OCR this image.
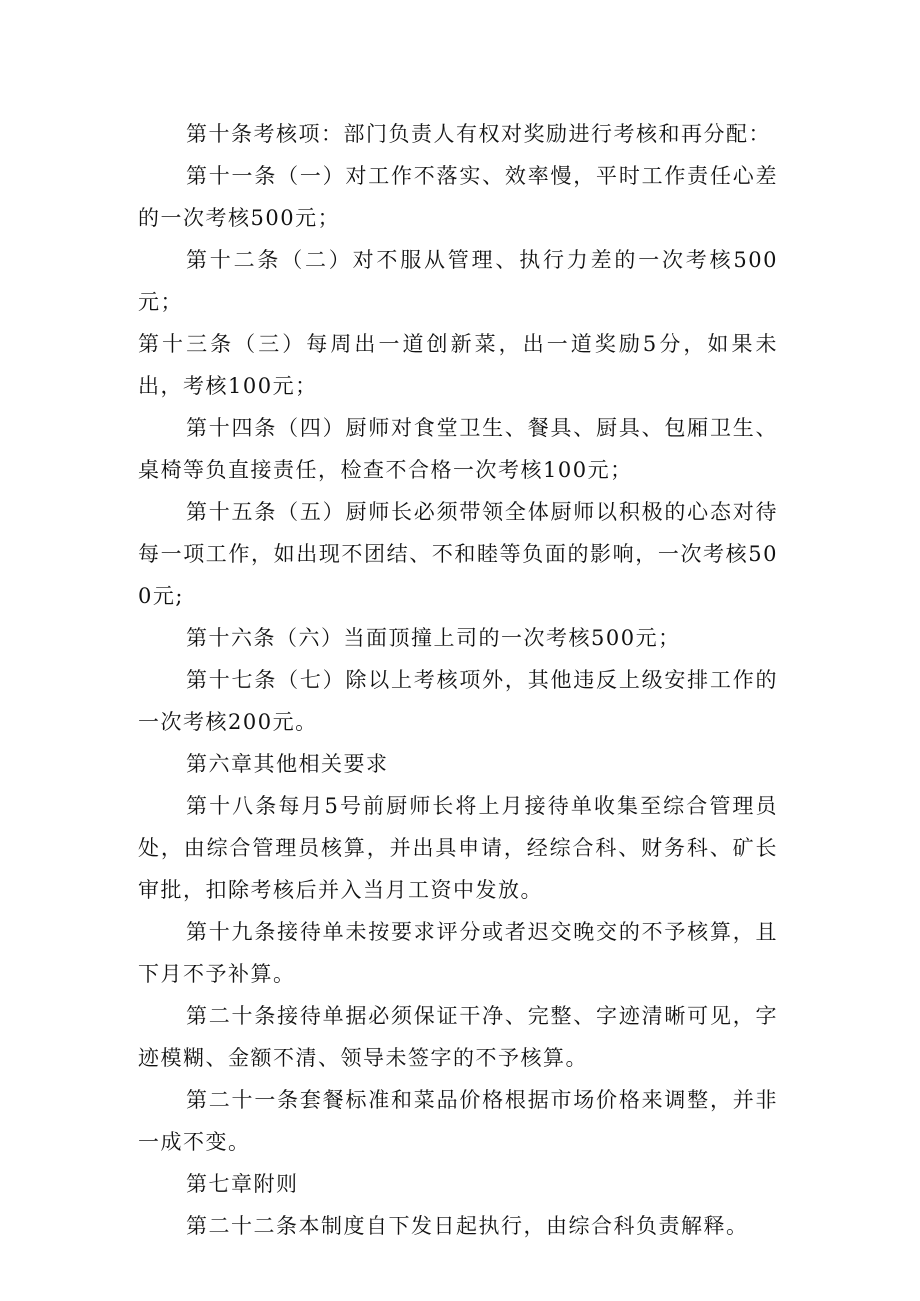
第十条考核项：部门负责人有权对奖励进行考核和再分配：

第十一条（一）对工作不落实、效率慢，平时工作责任心差的一次考核500元；

第十二条（二）对不服从管理、执行力差的一次考核500元；

第十三条（三）每周出一道创新菜，出一道奖励5分，如果未出，考核100元；

第十四条（四）厨师对食堂卫生、餐具、厨具、包厢卫生、桌椅等负直接责任，检查不合格一次考核100元；

第十五条（五）厨师长必须带领全体厨师以积极的心态对待每一项工作，如出现不团结、不和睦等负面的影响，一次考核500元;

第十六条（六）当面顶撞上司的一次考核500元；

第十七条（七）除以上考核项外，其他违反上级安排工作的一次考核200元。

第六章其他相关要求

第十八条每月5号前厨师长将上月接待单收集至综合管理员处，由综合管理员核算，并出具申请，经综合科、财务科、矿长审批，扣除考核后并入当月工资中发放。

第十九条接待单未按要求评分或者迟交晚交的不予核算，且下月不予补算。

第二十条接待单据必须保证干净、完整、字迹清晰可见，字迹模糊、金额不清、领导未签字的不予核算。

第二十一条套餐标准和菜品价格根据市场价格来调整，并非一成不变。

第七章附则

第二十二条本制度自下发日起执行，由综合科负责解释。
